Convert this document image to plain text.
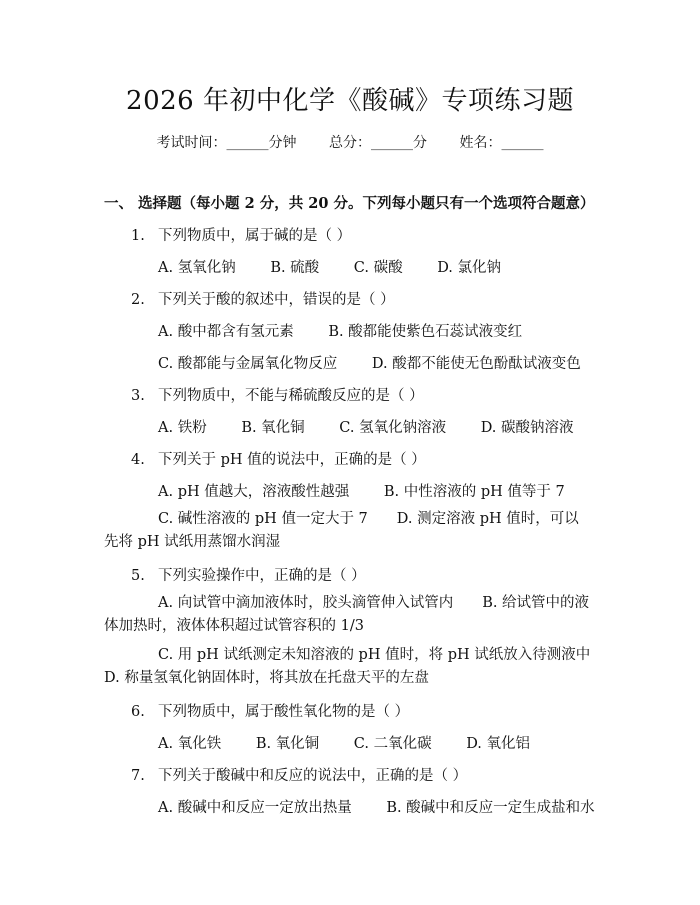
2026 年初中化学《酸碱》专项练习题
考试时间：______分钟 总分：______分 姓名：______
一、 选择题（每小题 2 分，共 20 分。下列每小题只有一个选项符合题意）
1. 下列物质中，属于碱的是（ ）
A. 氢氧化钠 B. 硫酸 C. 碳酸 D. 氯化钠
2. 下列关于酸的叙述中，错误的是（ ）
A. 酸中都含有氢元素 B. 酸都能使紫色石蕊试液变红
C. 酸都能与金属氧化物反应 D. 酸都不能使无色酚酞试液变色
3. 下列物质中，不能与稀硫酸反应的是（ ）
A. 铁粉 B. 氧化铜 C. 氢氧化钠溶液 D. 碳酸钠溶液
4. 下列关于 pH 值的说法中，正确的是（ ）
A. pH 值越大，溶液酸性越强 B. 中性溶液的 pH 值等于 7
C. 碱性溶液的 pH 值一定大于 7　　D. 测定溶液 pH 值时，可以先将 pH 试纸用蒸馏水润湿
5. 下列实验操作中，正确的是（ ）
A. 向试管中滴加液体时，胶头滴管伸入试管内　　B. 给试管中的液体加热时，液体体积超过试管容积的 1/3
C. 用 pH 试纸测定未知溶液的 pH 值时，将 pH 试纸放入待测液中　　D. 称量氢氧化钠固体时，将其放在托盘天平的左盘
6. 下列物质中，属于酸性氧化物的是（ ）
A. 氧化铁 B. 氧化铜 C. 二氧化碳 D. 氧化铝
7. 下列关于酸碱中和反应的说法中，正确的是（ ）
A. 酸碱中和反应一定放出热量 B. 酸碱中和反应一定生成盐和水
